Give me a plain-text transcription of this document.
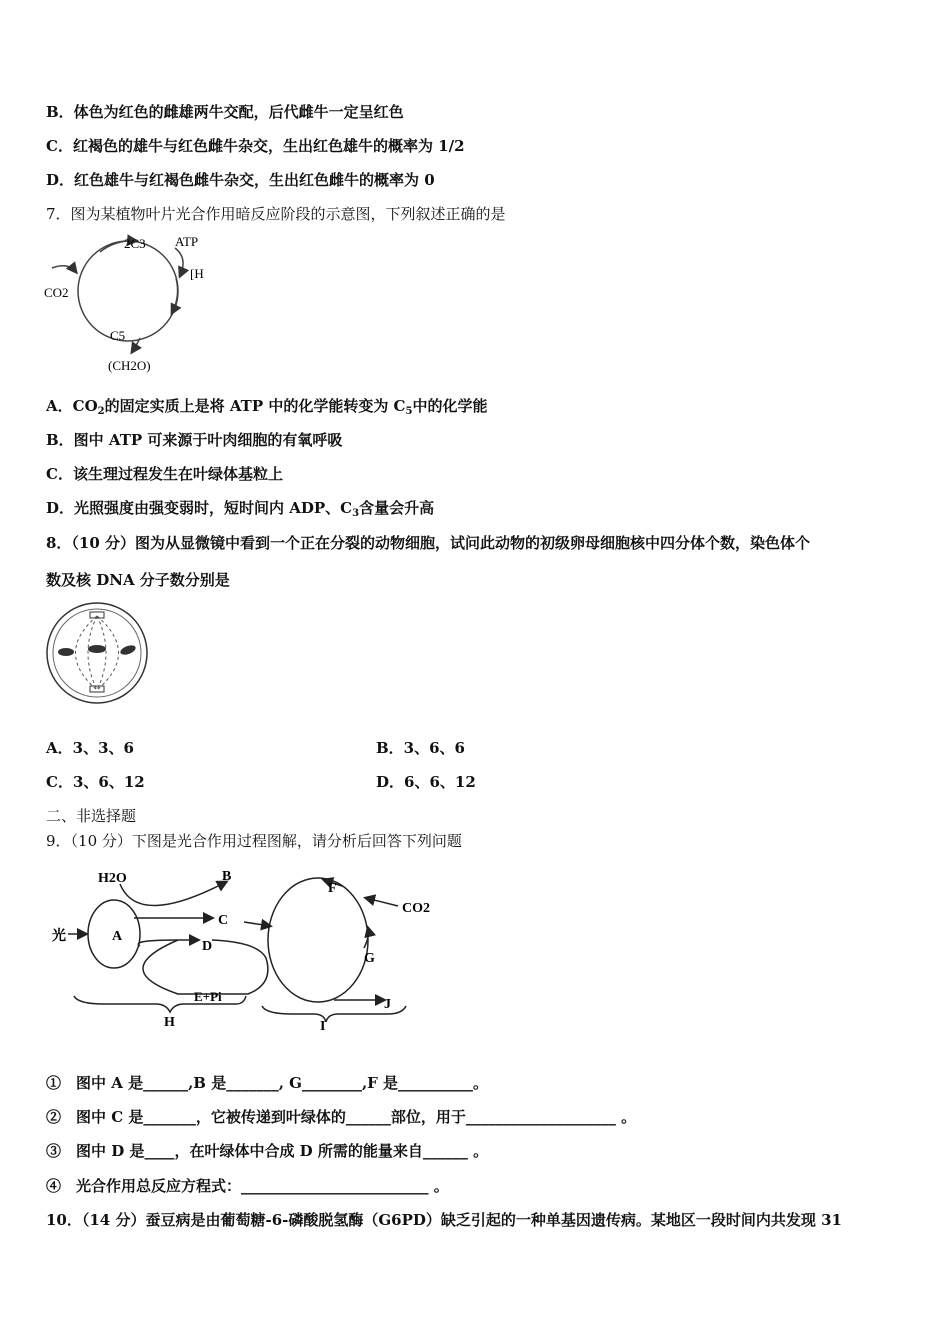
B．体色为红色的雌雄两牛交配，后代雌牛一定呈红色
C．红褐色的雄牛与红色雌牛杂交，生出红色雄牛的概率为 1/2
D．红色雄牛与红褐色雌牛杂交，生出红色雌牛的概率为 0
7．图为某植物叶片光合作用暗反应阶段的示意图，下列叙述正确的是
2C3 ATP
[H
CO2
C5
(CH2O)
A．$CO_2$的固定实质上是将 ATP 中的化学能转变为 $C_5$中的化学能
B．图中 ATP 可来源于叶肉细胞的有氧呼吸
C．该生理过程发生在叶绿体基粒上
D．光照强度由强变弱时，短时间内 ADP、$C_3$含量会升高
8．（10 分）图为从显微镜中看到一个正在分裂的动物细胞，试问此动物的初级卵母细胞核中四分体个数，染色体个
数及核 DNA 分子数分别是
A．3、3、6	B．3、6、6
C．3、6、12	D．6、6、12
二、非选择题
9．（10 分）下图是光合作用过程图解，请分析后回答下列问题
H2O	B
光	A
C
D
E+Pi
H
F
CO2
G
J
I
①　图中 A 是______,B 是_______, G________,F 是__________。
②　图中 C 是_______，它被传递到叶绿体的______部位，用于____________________ 。
③　图中 D 是____，在叶绿体中合成 D 所需的能量来自______ 。
④　光合作用总反应方程式：_________________________ 。
10．（14 分）蚕豆病是由葡萄糖-6-磷酸脱氢酶（G6PD）缺乏引起的一种单基因遗传病。某地区一段时间内共发现 31
